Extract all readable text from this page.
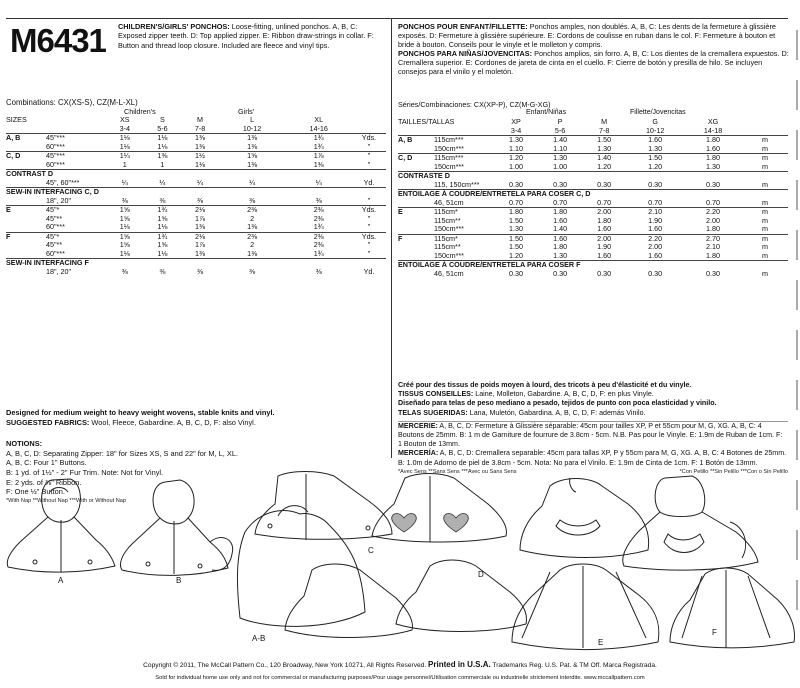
M6431 CHILDREN'S/GIRLS' PONCHOS: Loose-fitting, unlined ponchos. A, B, C: Exposed zipper teeth. D: Top applied zipper. E: Ribbon draw-strings in collar. F: Button and thread loop closure. Included are fleece and vinyl tips.
Combinations: CX(XS-S), CZ(M-L-XL)
Children's	Girls'
SIZES		XS	S	M	L	XL	
		3-4	5-6	7-8	10-12	14-16	
A, B	45"***	1⅛	1⅛	1⅜	1⅜	1¾	Yds.
	60"***	1⅛	1⅛	1⅜	1⅜	1¾	"
C, D	45"***	1¼	1⅜	1½	1⅝	1⅞	"
	60"***	1	1	1⅛	1⅜	1⅜	"
CONTRAST D							
	45", 60"***	¼	¼	¼	¼	¼	Yd.
SEW-IN INTERFACING C, D							
	18", 20"	⅜	⅜	⅜	⅜	⅜	"
E	45"*	1⅝	1¾	2⅛	2⅜	2⅜	Yds.
	45"**	1⅝	1⅝	1⅞	2	2⅜	"
	60"***	1⅛	1⅛	1⅜	1⅜	1¾	"
F	45"*	1⅝	1¾	2⅛	2⅜	2⅜	Yds.
	45"**	1⅝	1⅝	1⅞	2	2⅜	"
	60"***	1⅛	1⅛	1⅜	1⅜	1¾	"
SEW-IN INTERFACING F							
	18", 20"	⅜	⅜	⅜	⅜	⅜	Yd.
Designed for medium weight to heavy weight wovens, stable knits and vinyl.
SUGGESTED FABRICS: Wool, Fleece, Gabardine. A, B, C, D, F: also Vinyl.
NOTIONS:
A, B, C, D: Separating Zipper: 18" for Sizes XS, S and 22" for M, L, XL.
A, B, C: Four 1" Buttons.
B: 1 yd. of 1½" - 2" Fur Trim. Note: Not for Vinyl.
E: 2 yds. of ⅜" Ribbon.
F: One ½" Button.
*With Nap **Without Nap ***With or Without Nap
PONCHOS POUR ENFANT/FILLETTE: Ponchos amples, non doublés. A, B, C: Les dents de la fermeture à glissière exposés. D: Fermeture à glissière supérieure. E: Cordons de coulisse en ruban dans le col. F: Fermeture à bouton et bride à bouton. Conseils pour le vinyle et le molleton y compris.
PONCHOS PARA NIÑAS/JOVENCITAS: Ponchos amplios, sin forro. A, B, C: Los dientes de la cremallera expuestos. D: Cremallera superior. E: Cordones de jareta de cinta en el cuello. F: Cierre de botón y presilla de hilo. Se incluyen consejos para el vinilo y el moletón.
Séries/Combinaciones: CX(XP-P), CZ(M-G-XG)
Enfant/Niñas	Fillette/Jovencitas
TAILLES/TALLAS		XP	P	M	G	XG	
		3-4	5-6	7-8	10-12	14-18	
A, B	115cm***	1.30	1.40	1.50	1.60	1.80	m
	150cm***	1.10	1.10	1.30	1.30	1.60	m
C, D	115cm***	1.20	1.30	1.40	1.50	1.80	m
	150cm***	1.00	1.00	1.20	1.20	1.30	m
CONTRASTE D							
	115, 150cm***	0.30	0.30	0.30	0.30	0.30	m
ENTOILAGE À COUDRE/ENTRETELA PARA COSER C, D							
	46, 51cm	0.70	0.70	0.70	0.70	0.70	m
E	115cm*	1.80	1.80	2.00	2.10	2.20	m
	115cm**	1.50	1.60	1.80	1.90	2.00	m
	150cm***	1.30	1.40	1.60	1.60	1.80	m
F	115cm*	1.50	1.60	2.00	2.20	2.70	m
	115cm**	1.50	1.80	1.90	2.00	2.10	m
	150cm***	1.20	1.30	1.60	1.60	1.80	m
ENTOILAGE À COUDRE/ENTRETELA PARA COSER F							
	46, 51cm	0.30	0.30	0.30	0.30	0.30	m
Créé pour des tissus de poids moyen à lourd, des tricots à peu d'élasticité et du vinyle.
TISSUS CONSEILLES: Laine, Molleton, Gabardine. A, B, C, D, F: en plus Vinyle.
Diseñado para telas de peso mediano a pesado, tejidos de punto con poca elasticidad y vinilo.
TELAS SUGERIDAS: Lana, Muletón, Gabardina. A, B, C, D, F: además Vinilo.
MERCERIE: A, B, C, D: Fermeture à Glissière séparable: 45cm pour tailles XP, P et 55cm pour M, G, XG. A, B, C: 4 Boutons de 25mm. B: 1 m de Garniture de fourrure de 3.8cm - 5cm. N.B. Pas pour le Vinyle. E: 1.9m de Ruban de 1cm. F: 1 Bouton de 13mm.
MERCERÍA: A, B, C, D: Cremallera separable: 45cm para tallas XP, P y 55cm para M, G, XG. A, B, C: 4 Botones de 25mm. B: 1.0m de Adorno de piel de 3.8cm - 5cm. Nota: No para el Vinilo. E: 1.9m de Cinta de 1cm. F: 1 Botón de 13mm.
*Avec Sens **Sans Sens ***Avec ou Sans Sens	*Con Pelillo **Sin Pelillo ***Con o Sin Pelillo
A	B
A-B
C
D
E
F
Copyright © 2011, The McCall Pattern Co., 120 Broadway, New York 10271, All Rights Reserved. Printed in U.S.A. Trademarks Reg. U.S. Pat. & TM Off. Marca Registrada.
Sold for individual home use only and not for commercial or manufacturing purposes/Pour usage personnel/Utilisation commerciale ou industrielle strictement interdite. www.mccallpattern.com
